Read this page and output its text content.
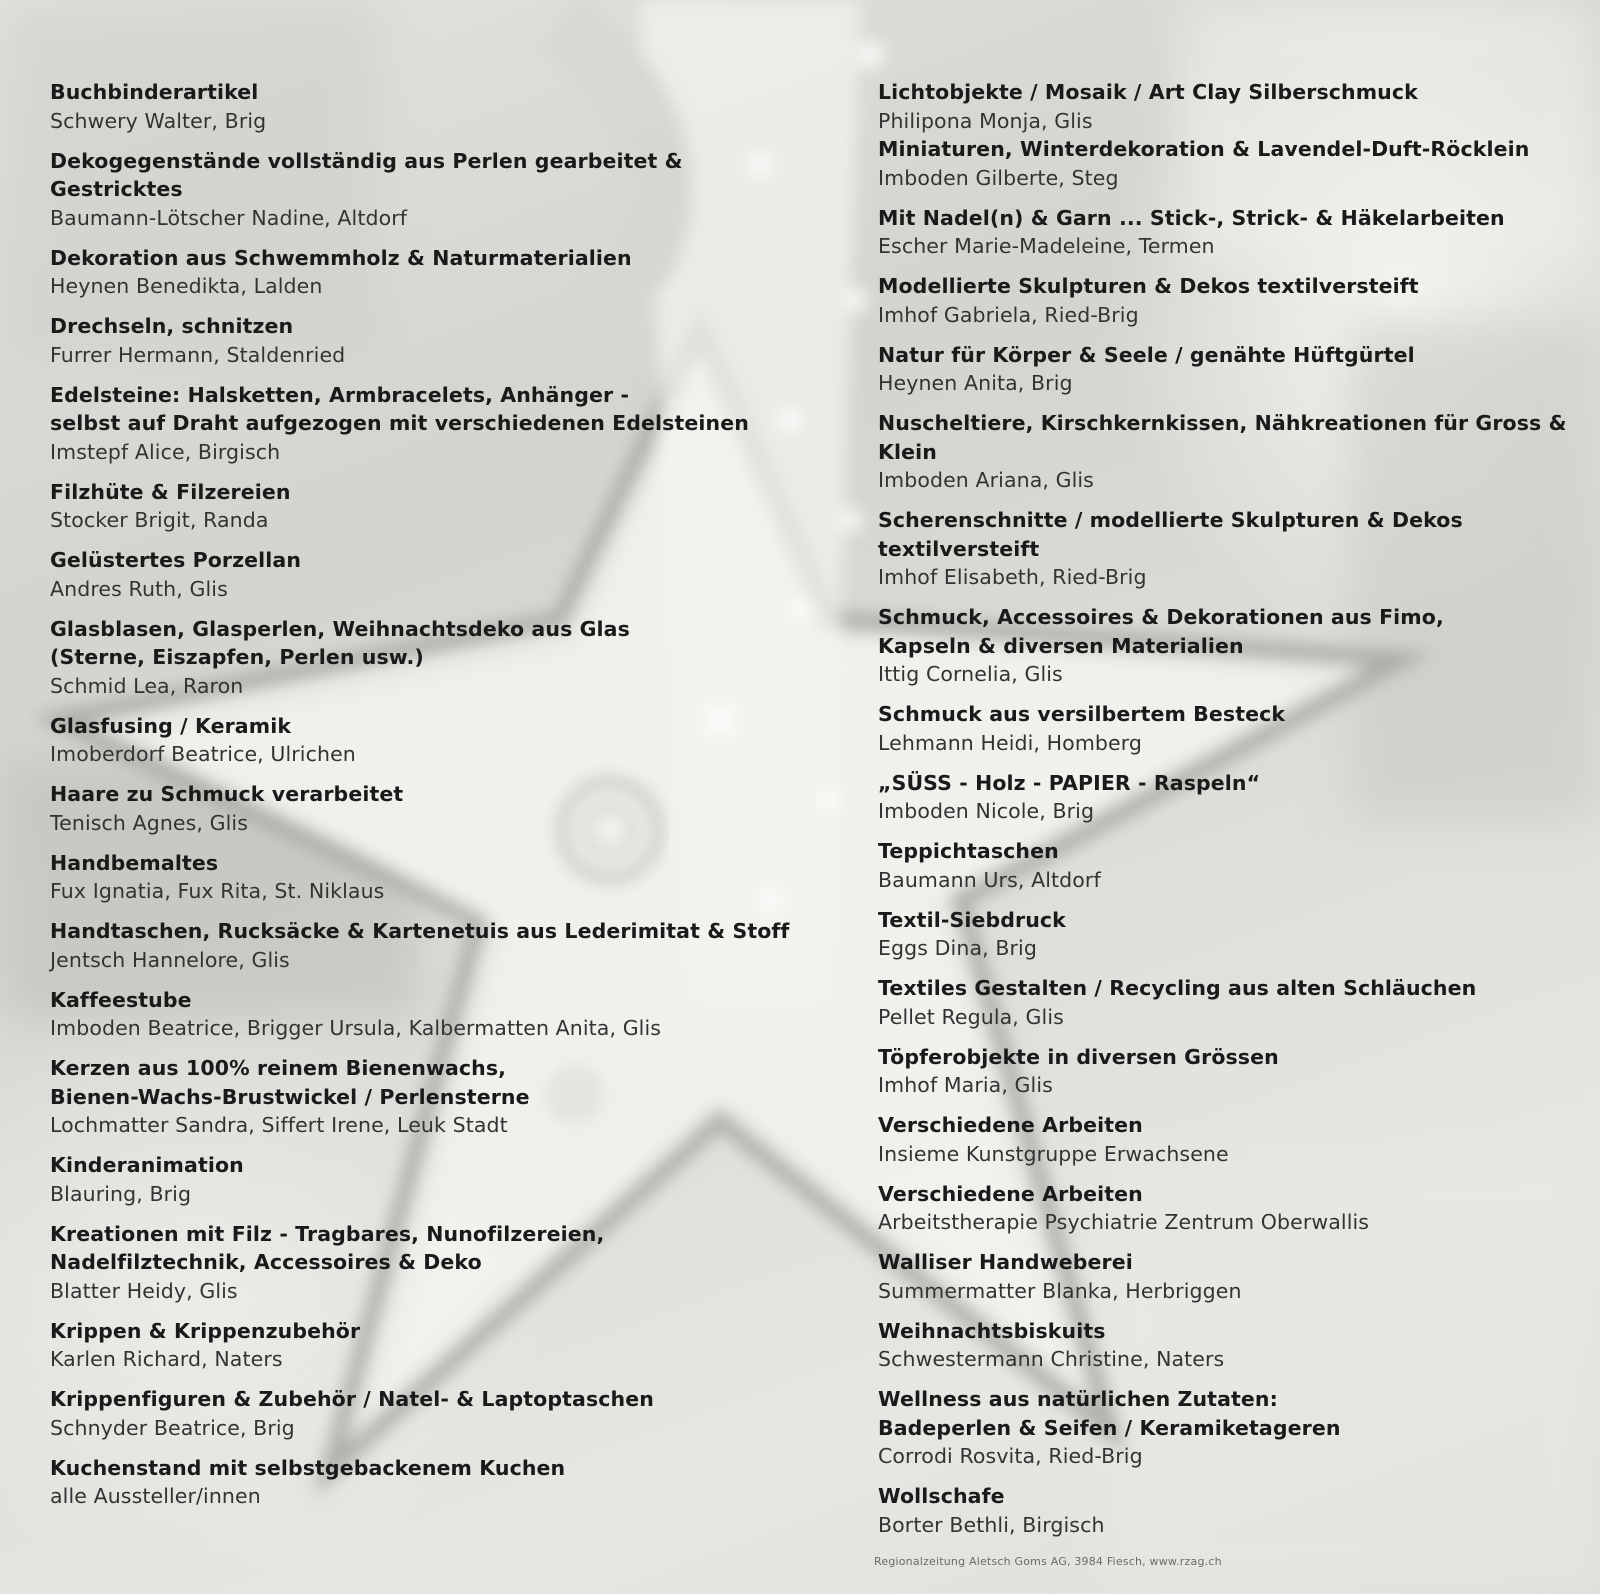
Buchbinderartikel
Schwery Walter, Brig
Dekogegenstände vollständig aus Perlen gearbeitet & Gestricktes
Baumann-Lötscher Nadine, Altdorf
Dekoration aus Schwemmholz & Naturmaterialien
Heynen Benedikta, Lalden
Drechseln, schnitzen
Furrer Hermann, Staldenried
Edelsteine: Halsketten, Armbracelets, Anhänger -
selbst auf Draht aufgezogen mit verschiedenen Edelsteinen
Imstepf Alice, Birgisch
Filzhüte & Filzereien
Stocker Brigit, Randa
Gelüstertes Porzellan
Andres Ruth, Glis
Glasblasen, Glasperlen, Weihnachtsdeko aus Glas
(Sterne, Eiszapfen, Perlen usw.)
Schmid Lea, Raron
Glasfusing / Keramik
Imoberdorf Beatrice, Ulrichen
Haare zu Schmuck verarbeitet
Tenisch Agnes, Glis
Handbemaltes
Fux Ignatia, Fux Rita, St. Niklaus
Handtaschen, Rucksäcke & Kartenetuis aus Lederimitat & Stoff
Jentsch Hannelore, Glis
Kaffeestube
Imboden Beatrice, Brigger Ursula, Kalbermatten Anita, Glis
Kerzen aus 100% reinem Bienenwachs,
Bienen-Wachs-Brustwickel / Perlensterne
Lochmatter Sandra, Siffert Irene, Leuk Stadt
Kinderanimation
Blauring, Brig
Kreationen mit Filz - Tragbares, Nunofilzereien,
Nadelfilztechnik, Accessoires & Deko
Blatter Heidy, Glis
Krippen & Krippenzubehör
Karlen Richard, Naters
Krippenfiguren & Zubehör / Natel- & Laptoptaschen
Schnyder Beatrice, Brig
Kuchenstand mit selbstgebackenem Kuchen
alle Aussteller/innen
Lichtobjekte / Mosaik / Art Clay Silberschmuck
Philipona Monja, Glis
Miniaturen, Winterdekoration & Lavendel-Duft-Röcklein
Imboden Gilberte, Steg
Mit Nadel(n) & Garn ... Stick-, Strick- & Häkelarbeiten
Escher Marie-Madeleine, Termen
Modellierte Skulpturen & Dekos textilversteift
Imhof Gabriela, Ried-Brig
Natur für Körper & Seele / genähte Hüftgürtel
Heynen Anita, Brig
Nuscheltiere, Kirschkernkissen, Nähkreationen für Gross & Klein
Imboden Ariana, Glis
Scherenschnitte / modellierte Skulpturen & Dekos textilversteift
Imhof Elisabeth, Ried-Brig
Schmuck, Accessoires & Dekorationen aus Fimo,
Kapseln & diversen Materialien
Ittig Cornelia, Glis
Schmuck aus versilbertem Besteck
Lehmann Heidi, Homberg
„SÜSS - Holz - PAPIER - Raspeln“
Imboden Nicole, Brig
Teppichtaschen
Baumann Urs, Altdorf
Textil-Siebdruck
Eggs Dina, Brig
Textiles Gestalten / Recycling aus alten Schläuchen
Pellet Regula, Glis
Töpferobjekte in diversen Grössen
Imhof Maria, Glis
Verschiedene Arbeiten
Insieme Kunstgruppe Erwachsene
Verschiedene Arbeiten
Arbeitstherapie Psychiatrie Zentrum Oberwallis
Walliser Handweberei
Summermatter Blanka, Herbriggen
Weihnachtsbiskuits
Schwestermann Christine, Naters
Wellness aus natürlichen Zutaten:
Badeperlen & Seifen / Keramiketageren
Corrodi Rosvita, Ried-Brig
Wollschafe
Borter Bethli, Birgisch
Regionalzeitung Aletsch Goms AG, 3984 Fiesch, www.rzag.ch
